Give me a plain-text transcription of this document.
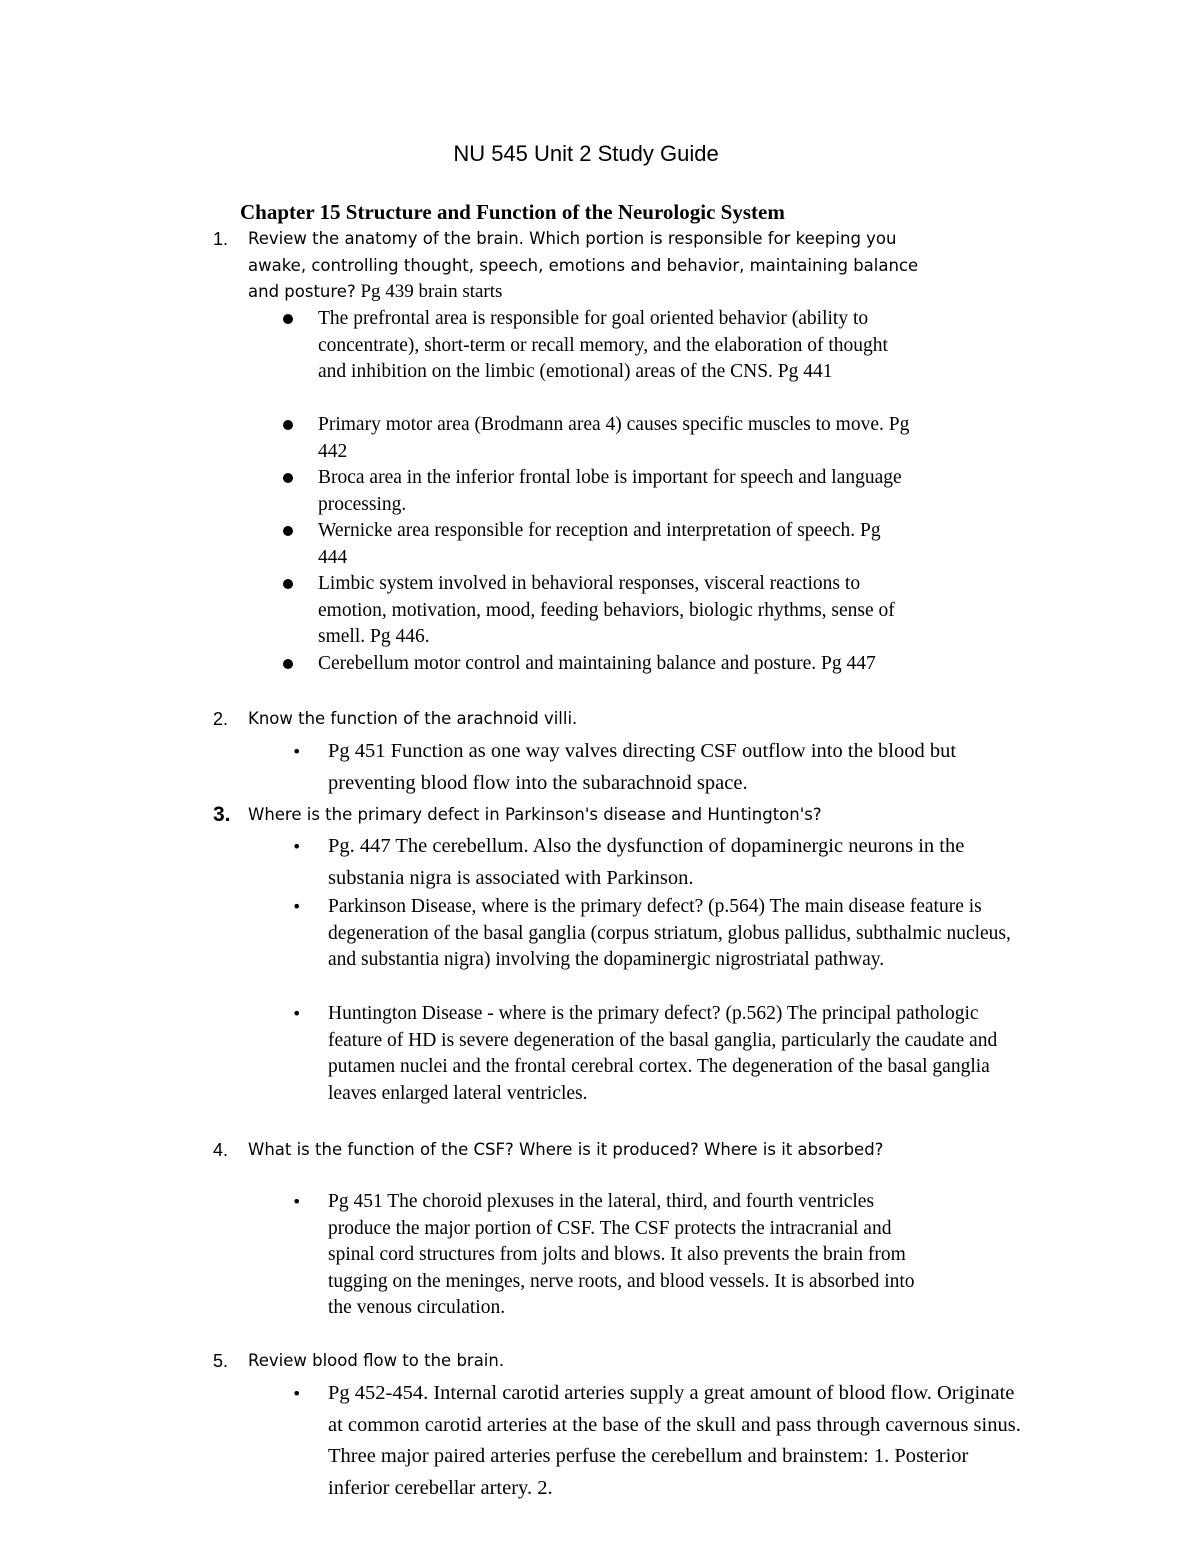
NU 545 Unit 2 Study Guide
Chapter 15 Structure and Function of the Neurologic System
1.	Review the anatomy of the brain. Which portion is responsible for keeping you awake, controlling thought, speech, emotions and behavior, maintaining balance and posture? Pg 439 brain starts
The prefrontal area is responsible for goal oriented behavior (ability to concentrate), short-term or recall memory, and the elaboration of thought and inhibition on the limbic (emotional) areas of the CNS. Pg 441
Primary motor area (Brodmann area 4) causes specific muscles to move. Pg 442
Broca area in the inferior frontal lobe is important for speech and language processing.
Wernicke area responsible for reception and interpretation of speech. Pg 444
Limbic system involved in behavioral responses, visceral reactions to emotion, motivation, mood, feeding behaviors, biologic rhythms, sense of smell. Pg 446.
Cerebellum motor control and maintaining balance and posture. Pg 447
2.	Know the function of the arachnoid villi.
• Pg 451 Function as one way valves directing CSF outflow into the blood but preventing blood flow into the subarachnoid space.
3.	Where is the primary defect in Parkinson's disease and Huntington's?
• Pg. 447 The cerebellum. Also the dysfunction of dopaminergic neurons in the substania nigra is associated with Parkinson.
• Parkinson Disease, where is the primary defect? (p.564) The main disease feature is degeneration of the basal ganglia (corpus striatum, globus pallidus, subthalmic nucleus, and substantia nigra) involving the dopaminergic nigrostriatal pathway.
• Huntington Disease - where is the primary defect? (p.562) The principal pathologic feature of HD is severe degeneration of the basal ganglia, particularly the caudate and putamen nuclei and the frontal cerebral cortex. The degeneration of the basal ganglia leaves enlarged lateral ventricles.
4.	What is the function of the CSF? Where is it produced? Where is it absorbed?
• Pg 451 The choroid plexuses in the lateral, third, and fourth ventricles produce the major portion of CSF. The CSF protects the intracranial and spinal cord structures from jolts and blows. It also prevents the brain from tugging on the meninges, nerve roots, and blood vessels. It is absorbed into the venous circulation.
5.	Review blood flow to the brain.
• Pg 452-454. Internal carotid arteries supply a great amount of blood flow. Originate at common carotid arteries at the base of the skull and pass through cavernous sinus. Three major paired arteries perfuse the cerebellum and brainstem: 1. Posterior inferior cerebellar artery. 2.
